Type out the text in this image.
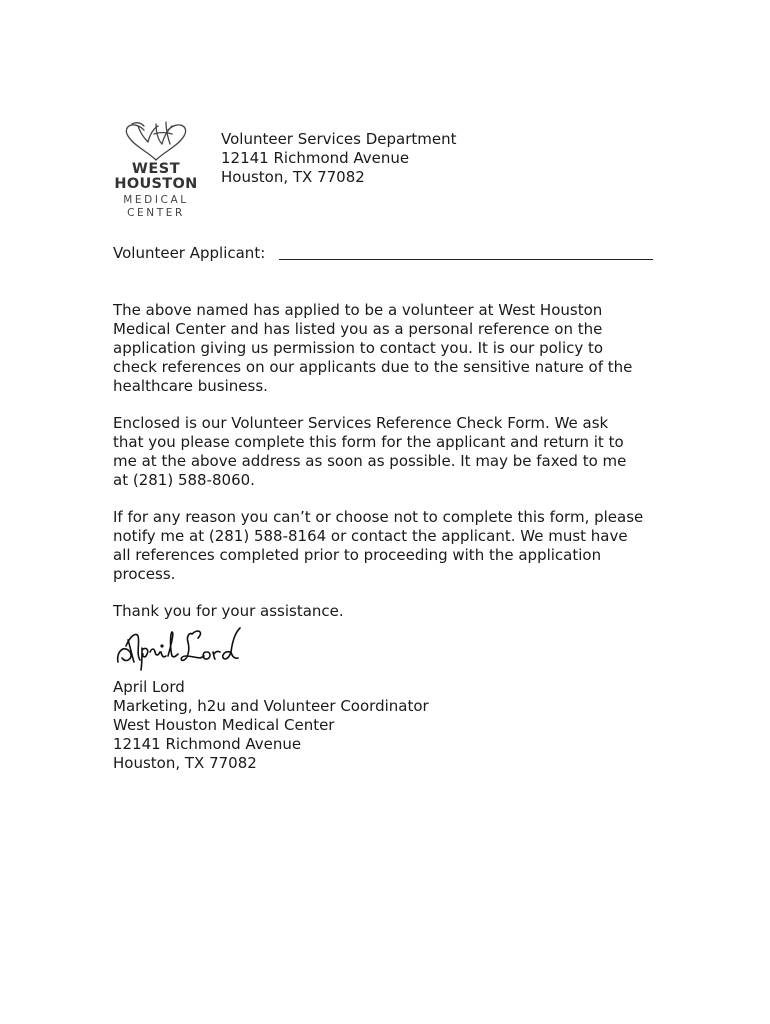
WEST
HOUSTON
MEDICAL
CENTER
Volunteer Services Department
12141 Richmond Avenue
Houston, TX 77082
Volunteer Applicant:
The above named has applied to be a volunteer at West Houston
Medical Center and has listed you as a personal reference on the
application giving us permission to contact you. It is our policy to
check references on our applicants due to the sensitive nature of the
healthcare business.
Enclosed is our Volunteer Services Reference Check Form. We ask
that you please complete this form for the applicant and return it to
me at the above address as soon as possible. It may be faxed to me
at (281) 588-8060.
If for any reason you can’t or choose not to complete this form, please
notify me at (281) 588-8164 or contact the applicant. We must have
all references completed prior to proceeding with the application
process.
Thank you for your assistance.
April Lord
Marketing, h2u and Volunteer Coordinator
West Houston Medical Center
12141 Richmond Avenue
Houston, TX 77082
